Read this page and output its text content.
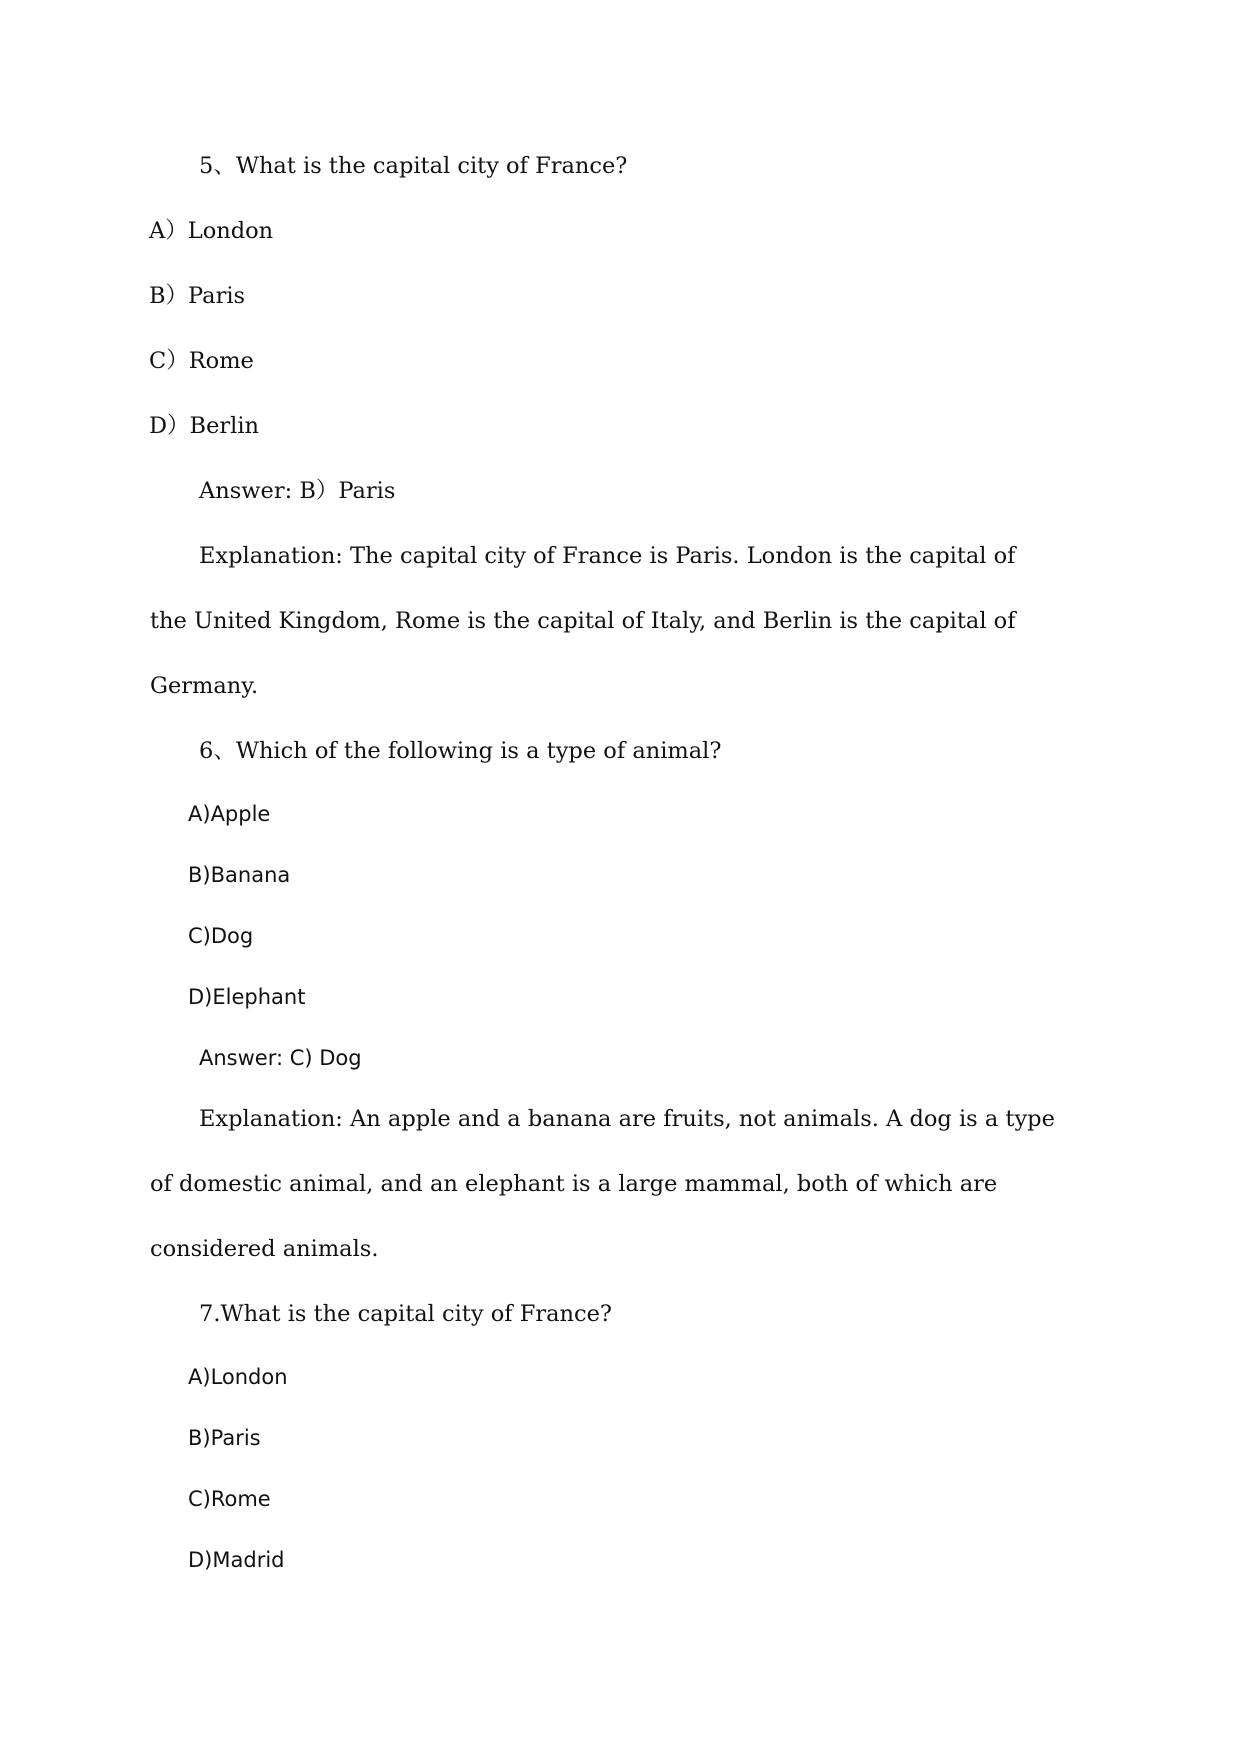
5、What is the capital city of France?
A）London
B）Paris
C）Rome
D）Berlin
Answer: B）Paris
Explanation: The capital city of France is Paris. London is the capital of
the United Kingdom, Rome is the capital of Italy, and Berlin is the capital of
Germany.
6、Which of the following is a type of animal?
A)Apple
B)Banana
C)Dog
D)Elephant
Answer: C) Dog
Explanation: An apple and a banana are fruits, not animals. A dog is a type
of domestic animal, and an elephant is a large mammal, both of which are
considered animals.
7.What is the capital city of France?
A)London
B)Paris
C)Rome
D)Madrid
